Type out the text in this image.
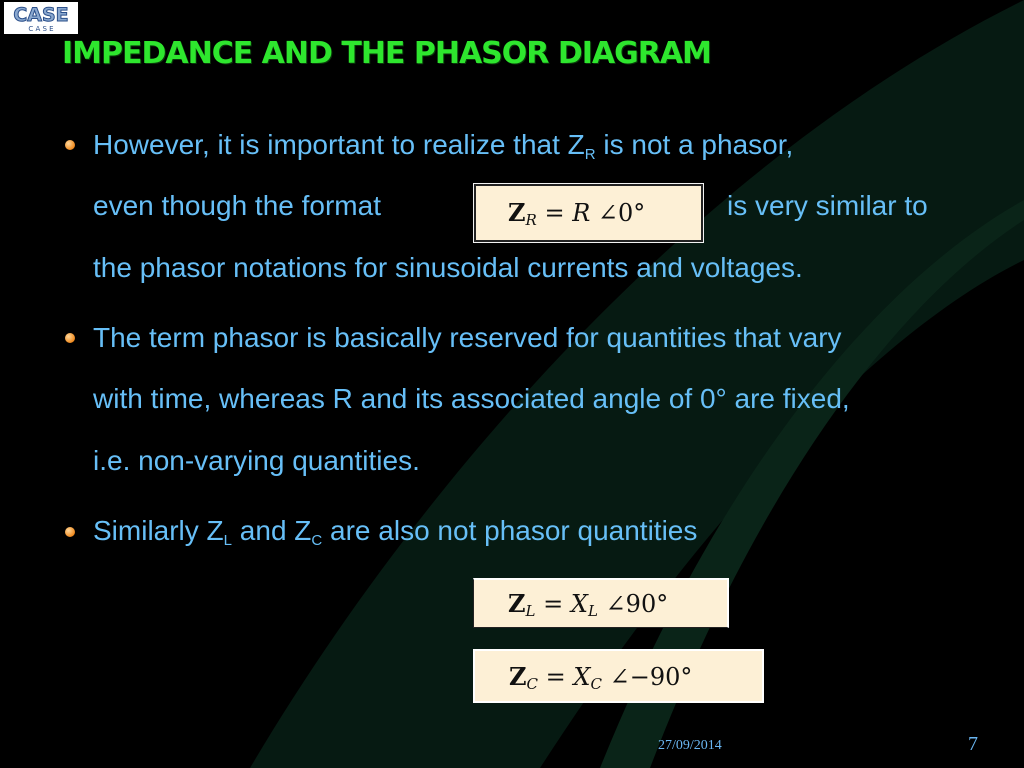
CASE
C A S E
IMPEDANCE AND THE PHASOR DIAGRAM

However, it is important to realize that $Z_R$ is not a phasor,

even though the format	is very similar to

the phasor notations for sinusoidal currents and voltages.

ZR = R ∠0°

The term phasor is basically reserved for quantities that vary

with time, whereas R and its associated angle of 0° are fixed,

i.e. non-varying quantities.

Similarly $Z_L$ and $Z_C$ are also not phasor quantities

ZL = XL ∠90°
ZC = XC ∠−90°
27/09/2014	7
